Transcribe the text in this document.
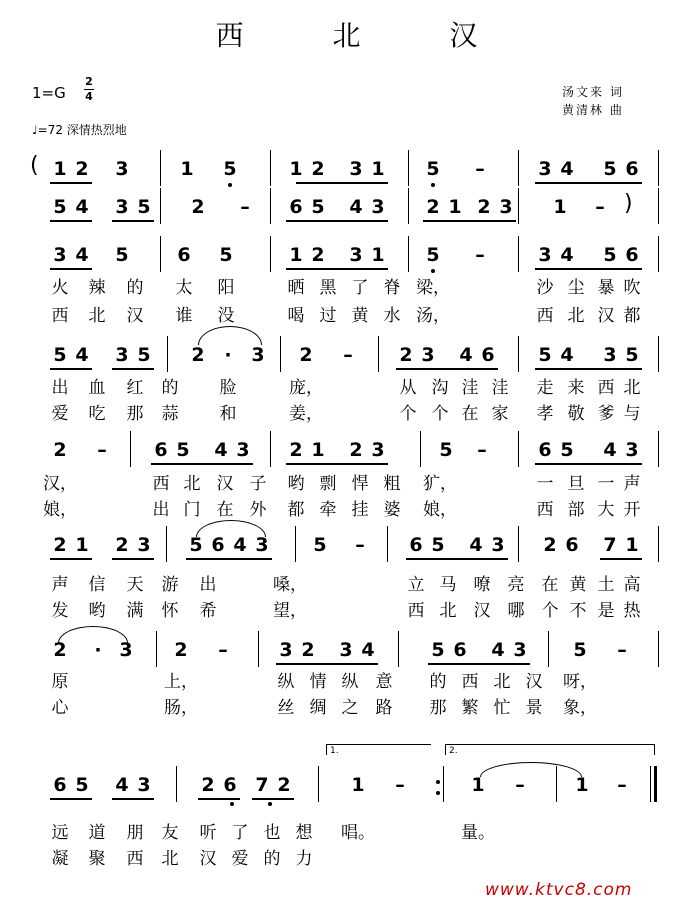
西 北 汉
1=G
2
4
♩=72 深情热烈地
汤文来 词
黄清林 曲
1 2 3	1 5	1 2 3 1 5 –	3 4 5 6
5 4 3 5 2 – 6 5 4 3 2 1 2 3 1 –
3 4 5	6 5	1 2 3 1 5 –	3 4 5 6
5 4 3 5 2 · 3 2 – 2 3 4 6 5 4 3 5
2 –	6 5 4 3 2 1 2 3	5 –	6 5 4 3
2 1 2 3 5 6 4 3 5 – 6 5 4 3 2 6 7 1
2 · 3 2 –	3 2 3 4	5 6 4 3 5 –
6 5 4 3	2 6 7 2	1 –	1 –	1 –
火 辣 的 太 阳	晒 黑 了 脊 梁，	沙 尘 暴 吹
西 北 汉 谁 没	喝 过 黄 水 汤，	西 北 汉 都
出 血 红 的 脸	庞，	从 沟 洼 洼 走 来 西 北
爱 吃 那 蒜 和	姜，	个 个 在 家 孝 敬 爹 与
汉，	西 北 汉 子 哟 剽 悍 粗 犷，	一 旦 一 声
娘，	出 门 在 外 都 牵 挂 婆 娘，	西 部 大 开
声 信 天 游 出	嗓，	立 马 嘹 亮 在 黄 土 高
发 哟 满 怀 希	望，	西 北 汉 哪 个 不 是 热
原	上，	纵 情 纵 意 的 西 北 汉 呀，
心	肠，	丝 绸 之 路 那 繁 忙 景 象，
远 道 朋 友 听 了 也 想 唱。	量。
凝 聚 西 北 汉 爱 的 力
(
)
1.	2.
www.ktvc8.com
